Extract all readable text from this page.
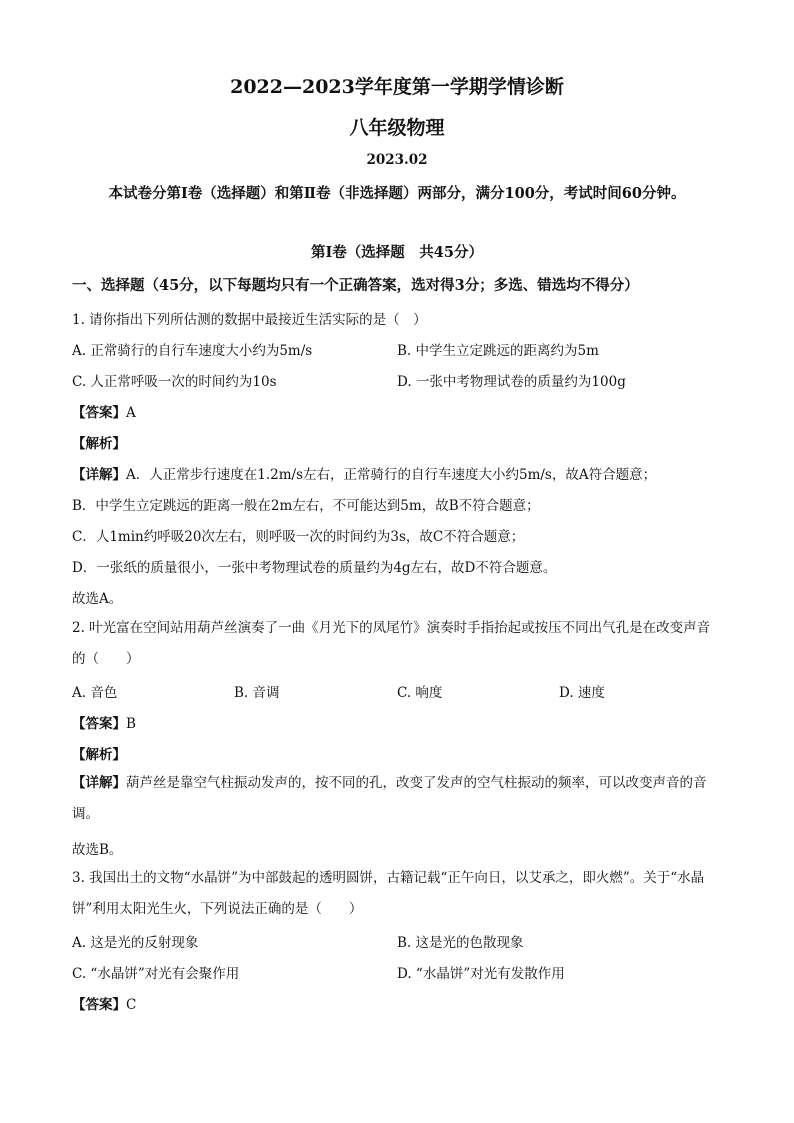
2022—2023学年度第一学期学情诊断
八年级物理
2023.02
本试卷分第Ⅰ卷（选择题）和第Ⅱ卷（非选择题）两部分，满分100分，考试时间60分钟。
第Ⅰ卷（选择题　共45分）
一、选择题（45分，以下每题均只有一个正确答案，选对得3分；多选、错选均不得分）
1. 请你指出下列所估测的数据中最接近生活实际的是（　）
A. 正常骑行的自行车速度大小约为5m/s	B. 中学生立定跳远的距离约为5m
C. 人正常呼吸一次的时间约为10s	D. 一张中考物理试卷的质量约为100g
【答案】A
【解析】
【详解】A．人正常步行速度在1.2m/s左右，正常骑行的自行车速度大小约5m/s，故A符合题意；
B．中学生立定跳远的距离一般在2m左右，不可能达到5m，故B不符合题意；
C．人1min约呼吸20次左右，则呼吸一次的时间约为3s，故C不符合题意；
D．一张纸的质量很小，一张中考物理试卷的质量约为4g左右，故D不符合题意。
故选A。
2. 叶光富在空间站用葫芦丝演奏了一曲《月光下的凤尾竹》演奏时手指抬起或按压不同出气孔是在改变声音的（　　）
A. 音色	B. 音调	C. 响度	D. 速度
【答案】B
【解析】
【详解】葫芦丝是靠空气柱振动发声的，按不同的孔，改变了发声的空气柱振动的频率，可以改变声音的音调。
故选B。
3. 我国出土的文物“水晶饼”为中部鼓起的透明圆饼，古籍记载“正午向日，以艾承之，即火燃”。关于“水晶饼”利用太阳光生火，下列说法正确的是（　　）
A. 这是光的反射现象	B. 这是光的色散现象
C. “水晶饼”对光有会聚作用	D. “水晶饼”对光有发散作用
【答案】C
